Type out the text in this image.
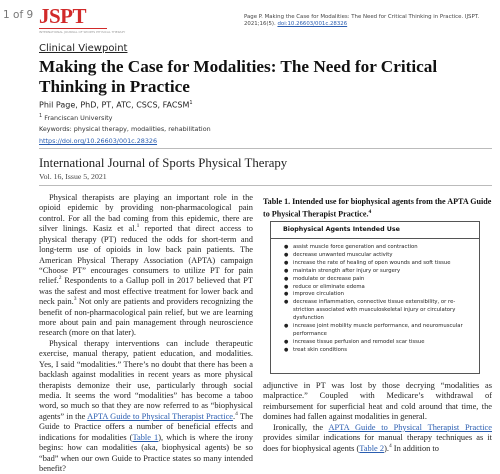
1 of 9 JSPT
INTERNATIONAL JOURNAL OF SPORTS PHYSICAL THERAPY
Page P. Making the Case for Modalities: The Need for Critical Thinking in Practice. IJSPT. 2021;16(5). doi:10.26603/001c.28326
Clinical Viewpoint
Making the Case for Modalities: The Need for Critical Thinking in Practice
Phil Page, PhD, PT, ATC, CSCS, FACSM$^1$
$^1$ Franciscan University
Keywords: physical therapy, modalities, rehabilitation
https://doi.org/10.26603/001c.28326
International Journal of Sports Physical Therapy
Vol. 16, Issue 5, 2021

Physical therapists are playing an important role in the opioid epidemic by providing non-pharmacological pain control. For all the bad coming from this epidemic, there are silver linings. Kasiz et al.$^1$ reported that direct access to physical therapy (PT) reduced the odds for short-term and long-term use of opioids in low back pain patients. The American Physical Therapy Association (APTA) campaign “Choose PT” encourages consumers to utilize PT for pain relief.$^2$ Respondents to a Gallup poll in 2017 believed that PT was the safest and most effective treatment for lower back and neck pain.$^3$ Not only are patients and providers recognizing the benefit of non-pharmacological pain relief, but we are learning more about pain and pain management through neuroscience research (more on that later).

Physical therapy interventions can include therapeutic exercise, manual therapy, patient education, and modalities. Yes, I said “modalities.” There’s no doubt that there has been a backlash against modalities in recent years as more physical therapists demonize their use, particularly through social media. It seems the word “modalities” has become a taboo word, so much so that they are now referred to as “biophysical agents” in the APTA Guide to Physical Therapist Practice.$^4$ The Guide to Practice offers a number of beneficial effects and indications for modalities (Table 1), which is where the irony begins: how can modalities (aka, biophysical agents) be so “bad” when our own Guide to Practice states so many intended benefit?

Table 1. Intended use for biophysical agents from the APTA Guide to Physical Therapist Practice.$^4$
Biophysical Agents Intended Use
● assist muscle force generation and contraction
● decrease unwanted muscular activity
● increase the rate of healing of open wounds and soft tissue
● maintain strength after injury or surgery
● modulate or decrease pain
● reduce or eliminate edema
● improve circulation
● decrease inflammation, connective tissue extensibility, or re-striction associated with musculoskeletal injury or circulatory dysfunction
● increase joint mobility muscle performance, and neuromuscular performance
● increase tissue perfusion and remodel scar tissue
● treat skin conditions

adjunctive in PT was lost by those decrying “modalities as malpractice.” Coupled with Medicare’s withdrawal of reimbursement for superficial heat and cold around that time, the domines had fallen against modalities in general.

Ironically, the APTA Guide to Physical Therapist Practice provides similar indications for manual therapy techniques as it does for biophysical agents (Table 2).$^4$ In addition to
